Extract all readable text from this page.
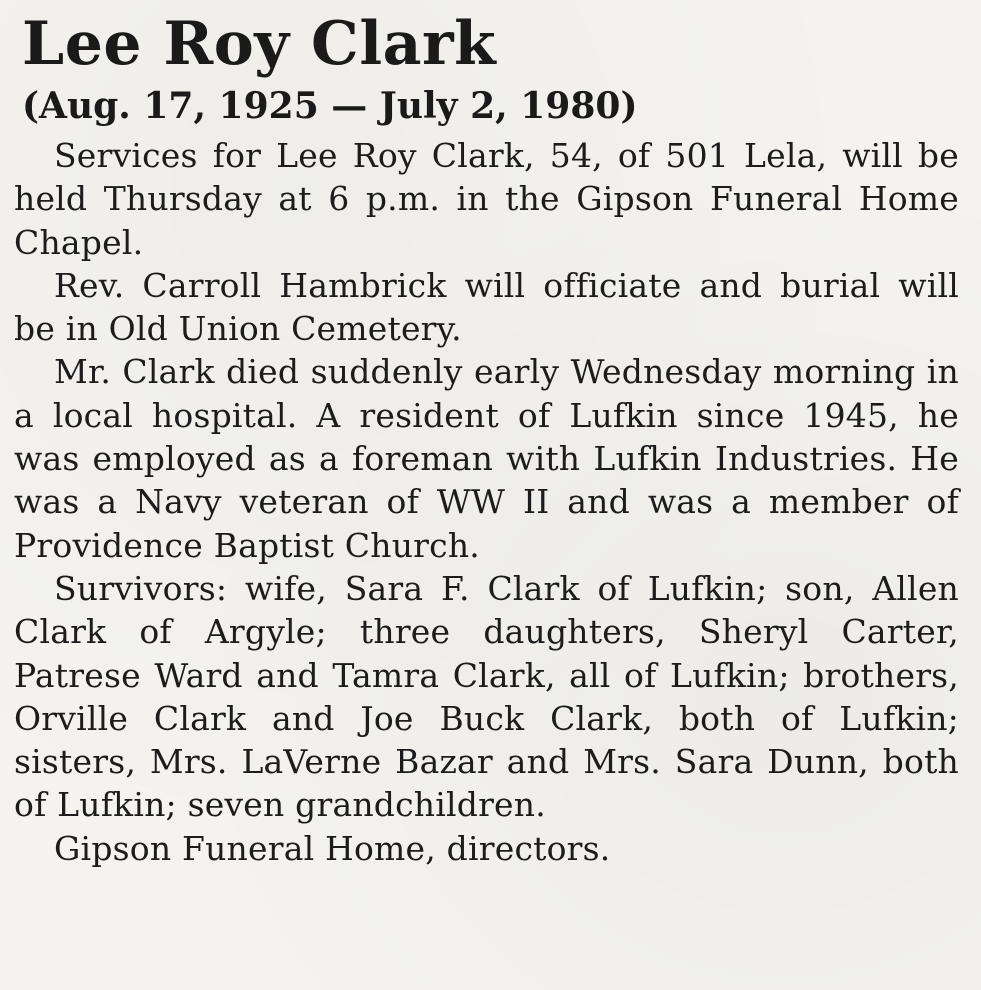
Lee Roy Clark
(Aug. 17, 1925 — July 2, 1980)

Services for Lee Roy Clark, 54, of 501 Lela, will be held Thursday at 6 p.m. in the Gipson Funeral Home Chapel.

Rev. Carroll Hambrick will officiate and burial will be in Old Union Cemetery.

Mr. Clark died suddenly early Wednesday morning in a local hospital. A resident of Lufkin since 1945, he was employed as a foreman with Lufkin Industries. He was a Navy veteran of WW II and was a member of Providence Baptist Church.

Survivors: wife, Sara F. Clark of Lufkin; son, Allen Clark of Argyle; three daughters, Sheryl Carter, Patrese Ward and Tamra Clark, all of Lufkin; brothers, Orville Clark and Joe Buck Clark, both of Lufkin; sisters, Mrs. LaVerne Bazar and Mrs. Sara Dunn, both of Lufkin; seven grandchildren.

Gipson Funeral Home, directors.
